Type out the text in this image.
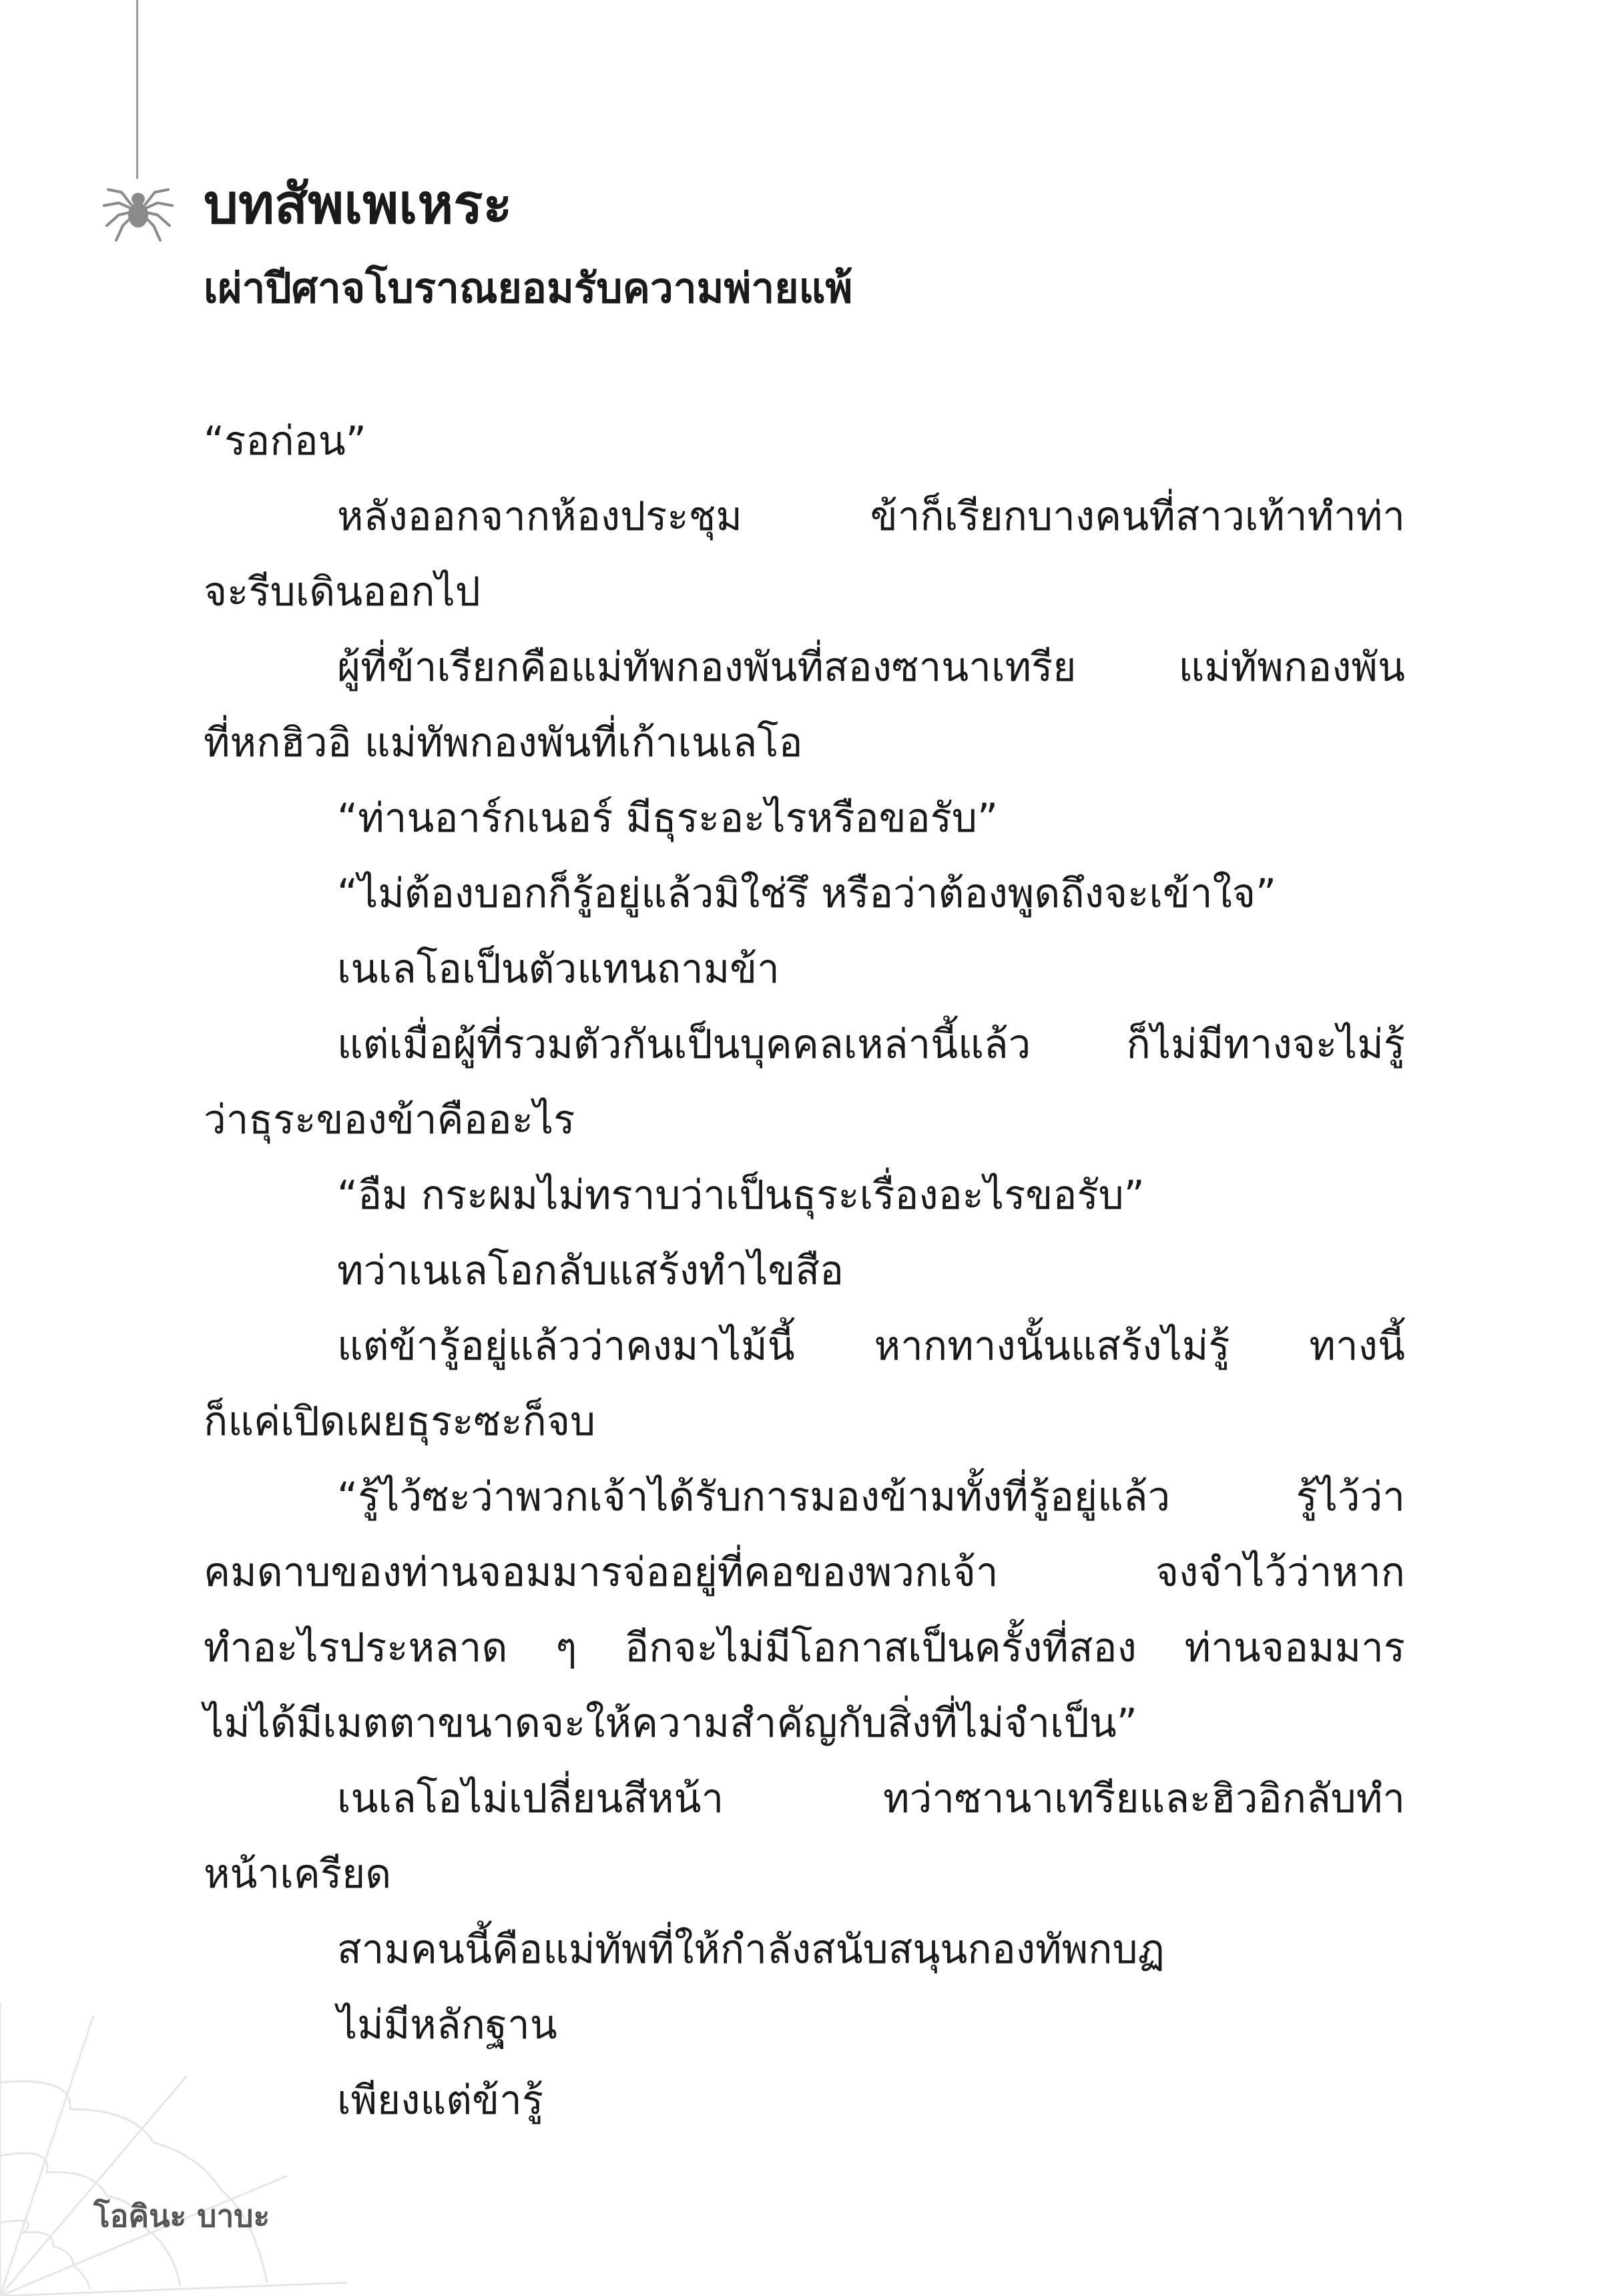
บทสัพเพเหระ
เผ่าปีศาจโบราณยอมรับความพ่ายแพ้
“รอก่อน”
หลังออกจากห้องประชุม ข้าก็เรียกบางคนที่สาวเท้าทำท่า
จะรีบเดินออกไป
ผู้ที่ข้าเรียกคือแม่ทัพกองพันที่สองซานาเทรีย แม่ทัพกองพัน
ที่หกฮิวอิ แม่ทัพกองพันที่เก้าเนเลโอ
“ท่านอาร์กเนอร์ มีธุระอะไรหรือขอรับ”
“ไม่ต้องบอกก็รู้อยู่แล้วมิใช่รึ หรือว่าต้องพูดถึงจะเข้าใจ”
เนเลโอเป็นตัวแทนถามข้า
แต่เมื่อผู้ที่รวมตัวกันเป็นบุคคลเหล่านี้แล้ว ก็ไม่มีทางจะไม่รู้
ว่าธุระของข้าคืออะไร
“อืม กระผมไม่ทราบว่าเป็นธุระเรื่องอะไรขอรับ”
ทว่าเนเลโอกลับแสร้งทำไขสือ
แต่ข้ารู้อยู่แล้วว่าคงมาไม้นี้ หากทางนั้นแสร้งไม่รู้ ทางนี้
ก็แค่เปิดเผยธุระซะก็จบ
“รู้ไว้ซะว่าพวกเจ้าได้รับการมองข้ามทั้งที่รู้อยู่แล้ว รู้ไว้ว่า
คมดาบของท่านจอมมารจ่ออยู่ที่คอของพวกเจ้า จงจำไว้ว่าหาก
ทำอะไรประหลาด ๆ อีกจะไม่มีโอกาสเป็นครั้งที่สอง ท่านจอมมาร
ไม่ได้มีเมตตาขนาดจะให้ความสำคัญกับสิ่งที่ไม่จำเป็น”
เนเลโอไม่เปลี่ยนสีหน้า ทว่าซานาเทรียและฮิวอิกลับทำ
หน้าเครียด
สามคนนี้คือแม่ทัพที่ให้กำลังสนับสนุนกองทัพกบฏ
ไม่มีหลักฐาน
เพียงแต่ข้ารู้

โอคินะ บาบะ
